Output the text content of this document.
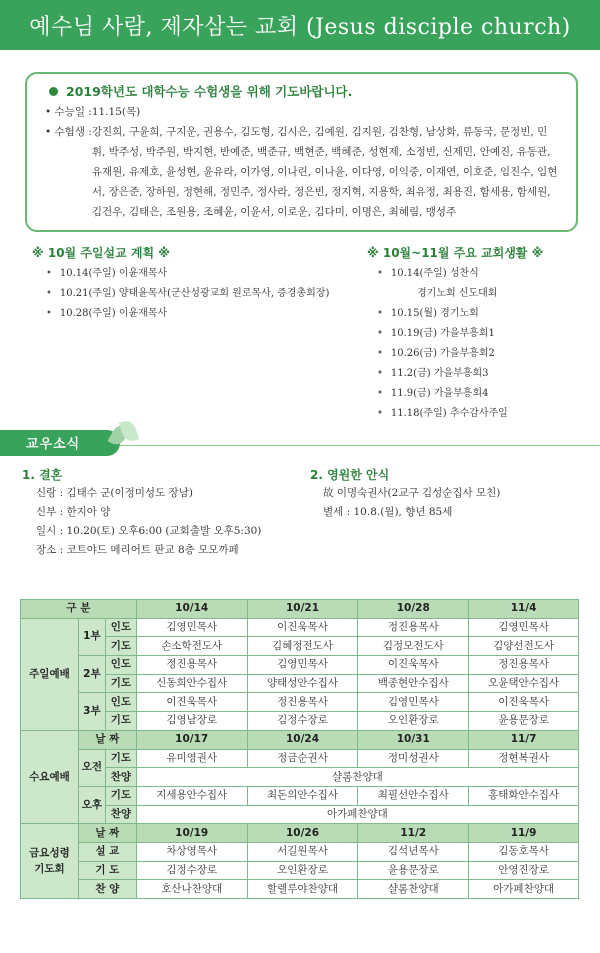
예수님 사람, 제자삼는 교회 (Jesus disciple church)
2019학년도 대학수능 수험생을 위해 기도바랍니다.
• 수능일 : 11.15(목)
• 수험생 : 강진희, 구윤희, 구지운, 권용수, 김도형, 김시은, 김예원, 김지원, 김찬형, 남상화, 류동국, 문정빈, 민 휘, 박주성, 박주원, 박지현, 반예준, 백준규, 백현준, 백혜준, 성현제, 소정빈, 신제민, 안예진, 유동관, 유재원, 유제호, 윤성현, 윤유라, 이가영, 이나린, 이나윤, 이다영, 이익중, 이재연, 이호준, 임진수, 임현서, 장은준, 장하원, 정현해, 정민주, 정사라, 정은빈, 정지혁, 지용학, 최유정, 최용진, 함세용, 함세원, 김건우, 김태은, 조원용, 조혜윤, 이윤서, 이로운, 김다미, 이명은, 최혜림, 맹성주
※ 10월 주일설교 계획 ※
• 10.14(주일) 이윤재목사
• 10.21(주일) 양태윤목사(군산성광교회 원로목사, 증경총회장)
• 10.28(주일) 이윤재목사
※ 10월~11월 주요 교회생활 ※
• 10.14(주일) 성찬식
경기노회 신도대회
• 10.15(월) 경기노회
• 10.19(금) 가을부흥회1
• 10.26(금) 가을부흥회2
• 11.2(금) 가을부흥회3
• 11.9(금) 가을부흥회4
• 11.18(주일) 추수감사주일
교우소식
1. 결혼
신랑 : 김태수 군(이정미성도 장남)
신부 : 한지아 양
일시 : 10.20(토) 오후6:00 (교회출발 오후5:30)
장소 : 코트야드 메리어트 판교 8층 모모까페
2. 영원한 안식
故 이명숙권사(2교구 김성순집사 모친)
별세 : 10.8.(월), 향년 85세
구 분			10/14	10/21	10/28	11/4
주일예배	1부	인도	김영민목사	이진욱목사	정진용목사	김영민목사
		기도	손소학전도사	김혜정전도사	김정모전도사	김양선전도사
	2부	인도	정진용목사	김영민목사	이진욱목사	정진용목사
		기도	신동희안수집사	양태성안수집사	백종현안수집사	오윤택안수집사
	3부	인도	이진욱목사	정진용목사	김영민목사	이진욱목사
		기도	김영남장로	김정수장로	오인환장로	윤용문장로
수요예배	날 짜		10/17	10/24	10/31	11/7
	오전	기도	유미영권사	정금순권사	정미성권사	정현복권사
		찬양	샬롬찬양대			
	오후	기도	지세용안수집사	최돈의안수집사	최필선안수집사	홍태화안수집사
		찬양	아가페찬양대			
금요성령기도회	날 짜		10/19	10/26	11/2	11/9
	설 교		차상영목사	서길원목사	김석년목사	김동호목사
	기 도		김정수장로	오인환장로	윤용문장로	안영진장로
	찬 양		호산나찬양대	할렐루야찬양대	샬롬찬양대	아가페찬양대
